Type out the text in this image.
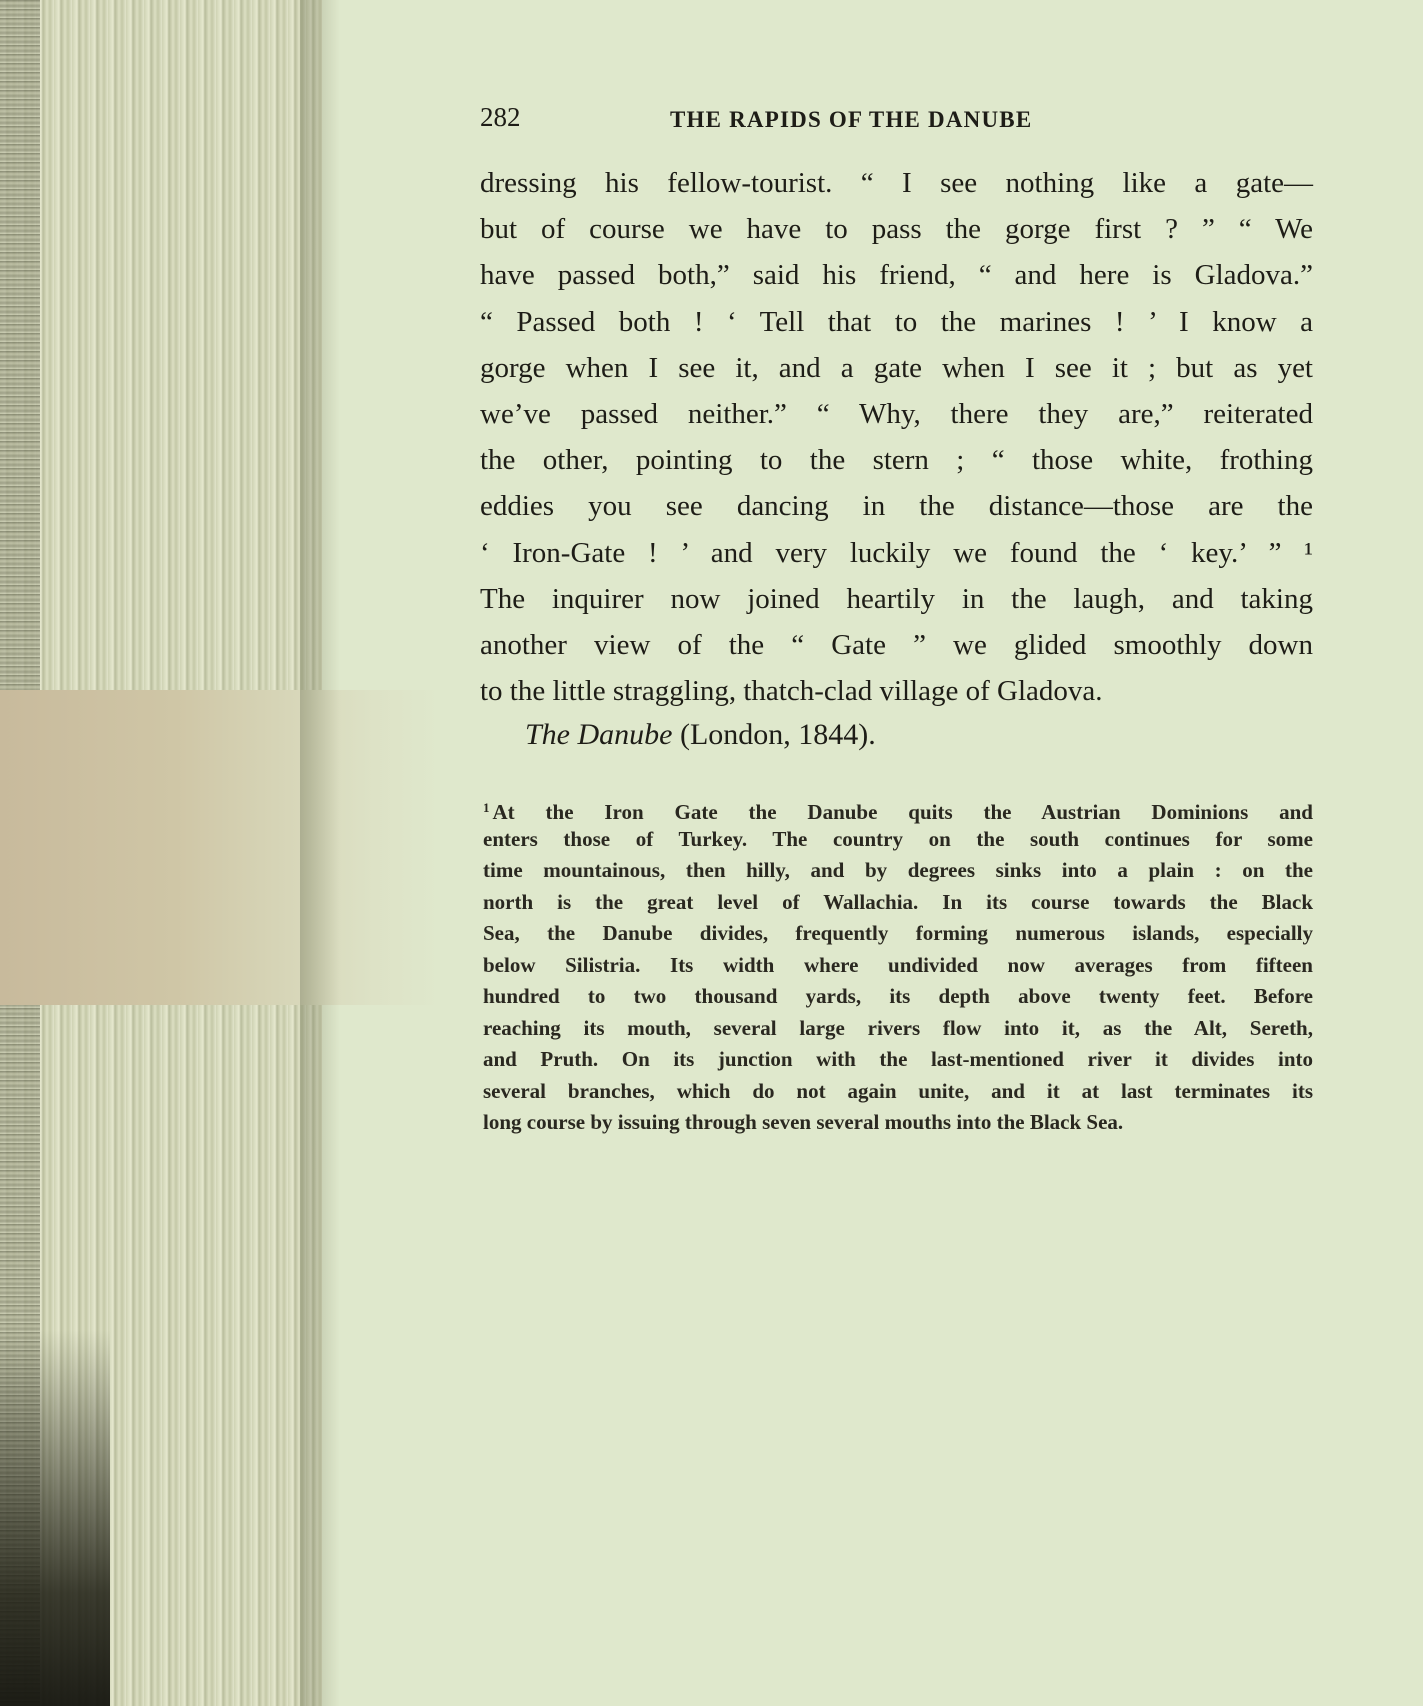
282	THE RAPIDS OF THE DANUBE
dressing his fellow-tourist. “ I see nothing like a gate—
but of course we have to pass the gorge first ? ” “ We
have passed both,” said his friend, “ and here is Gladova.”
“ Passed both ! ‘ Tell that to the marines ! ’ I know a
gorge when I see it, and a gate when I see it ; but as yet
we’ve passed neither.” “ Why, there they are,” reiterated
the other, pointing to the stern ; “ those white, frothing
eddies you see dancing in the distance—those are the
‘ Iron-Gate ! ’ and very luckily we found the ‘ key.’ ” ¹
The inquirer now joined heartily in the laugh, and taking
another view of the “ Gate ” we glided smoothly down
to the little straggling, thatch-clad village of Gladova.
The Danube (London, 1844).
$^1$ At the Iron Gate the Danube quits the Austrian Dominions and
enters those of Turkey. The country on the south continues for some
time mountainous, then hilly, and by degrees sinks into a plain : on the
north is the great level of Wallachia. In its course towards the Black
Sea, the Danube divides, frequently forming numerous islands, especially
below Silistria. Its width where undivided now averages from fifteen
hundred to two thousand yards, its depth above twenty feet. Before
reaching its mouth, several large rivers flow into it, as the Alt, Sereth,
and Pruth. On its junction with the last-mentioned river it divides into
several branches, which do not again unite, and it at last terminates its
long course by issuing through seven several mouths into the Black Sea.
